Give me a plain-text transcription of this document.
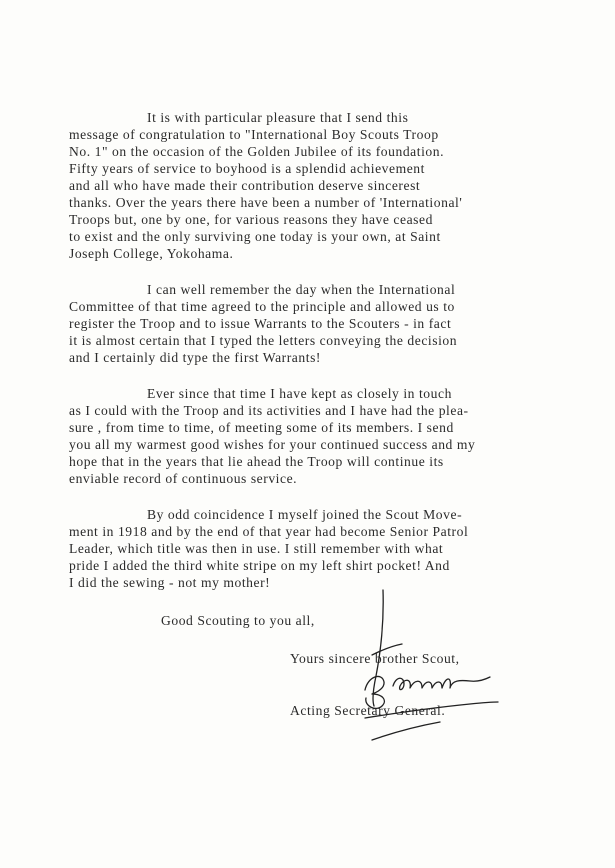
It is with particular pleasure that I send this
message of congratulation to "International Boy Scouts Troop
No. 1" on the occasion of the Golden Jubilee of its foundation.
Fifty years of service to boyhood is a splendid achievement
and all who have made their contribution deserve sincerest
thanks. Over the years there have been a number of 'International'
Troops but, one by one, for various reasons they have ceased
to exist and the only surviving one today is your own, at Saint
Joseph College, Yokohama.
I can well remember the day when the International
Committee of that time agreed to the principle and allowed us to
register the Troop and to issue Warrants to the Scouters - in fact
it is almost certain that I typed the letters conveying the decision
and I certainly did type the first Warrants!
Ever since that time I have kept as closely in touch
as I could with the Troop and its activities and I have had the plea-
sure , from time to time, of meeting some of its members. I send
you all my warmest good wishes for your continued success and my
hope that in the years that lie ahead the Troop will continue its
enviable record of continuous service.
By odd coincidence I myself joined the Scout Move-
ment in 1918 and by the end of that year had become Senior Patrol
Leader, which title was then in use. I still remember with what
pride I added the third white stripe on my left shirt pocket! And
I did the sewing - not my mother!
Good Scouting to you all,
Yours sincere brother Scout,
Acting Secretary General.
